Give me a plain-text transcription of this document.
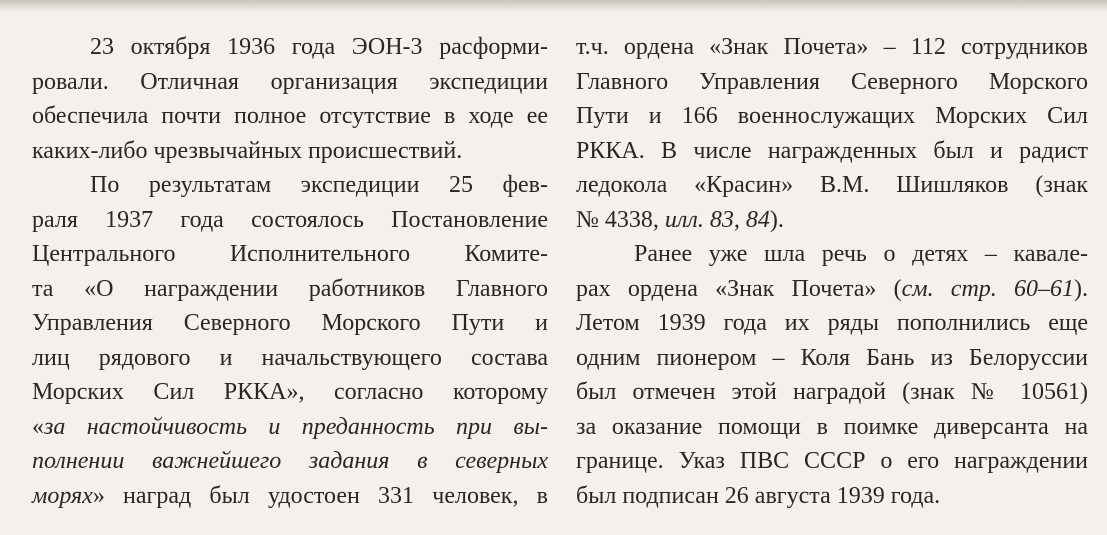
23 октября 1936 года ЭОН-3 расформи-
ровали. Отличная организация экспедиции
обеспечила почти полное отсутствие в ходе ее
каких-либо чрезвычайных происшествий.
По результатам экспедиции 25 фев-
раля 1937 года состоялось Постановление
Центрального Исполнительного Комите-
та «О награждении работников Главного
Управления Северного Морского Пути и
лиц рядового и начальствующего состава
Морских Сил РККА», согласно которому
«за настойчивость и преданность при вы-
полнении важнейшего задания в северных
морях» наград был удостоен 331 человек, в
т.ч. ордена «Знак Почета» – 112 сотрудников
Главного Управления Северного Морского
Пути и 166 военнослужащих Морских Сил
РККА. В числе награжденных был и радист
ледокола «Красин» В.М. Шишляков (знак
№ 4338, илл. 83, 84).
Ранее уже шла речь о детях – кавале-
рах ордена «Знак Почета» (см. стр. 60–61).
Летом 1939 года их ряды пополнились еще
одним пионером – Коля Бань из Белоруссии
был отмечен этой наградой (знак № 10561)
за оказание помощи в поимке диверсанта на
границе. Указ ПВС СССР о его награждении
был подписан 26 августа 1939 года.
